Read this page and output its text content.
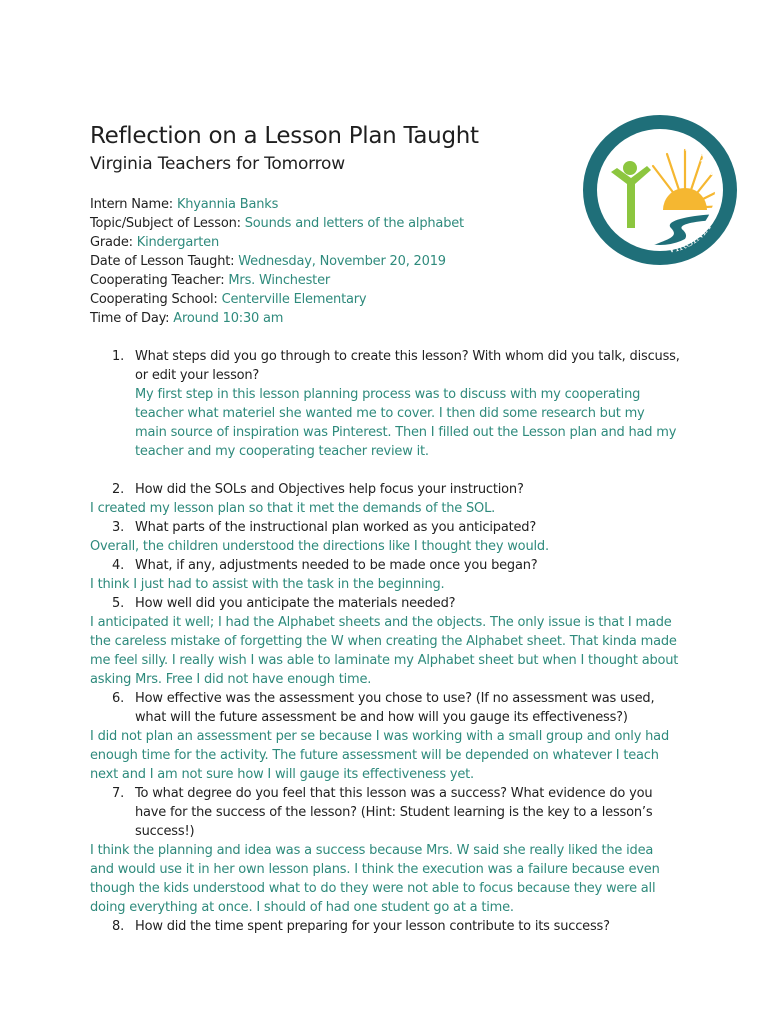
Reflection on a Lesson Plan Taught
Virginia Teachers for Tomorrow	Teachers for Tomorrow
VIRGINIA
Intern Name: Khyannia Banks
Topic/Subject of Lesson: Sounds and letters of the alphabet
Grade: Kindergarten
Date of Lesson Taught: Wednesday, November 20, 2019
Cooperating Teacher: Mrs. Winchester
Cooperating School: Centerville Elementary
Time of Day: Around 10:30 am
1. What steps did you go through to create this lesson? With whom did you talk, discuss, or edit your lesson?
My first step in this lesson planning process was to discuss with my cooperating teacher what materiel she wanted me to cover. I then did some research but my main source of inspiration was Pinterest. Then I filled out the Lesson plan and had my teacher and my cooperating teacher review it.
2. How did the SOLs and Objectives help focus your instruction?
I created my lesson plan so that it met the demands of the SOL.
3. What parts of the instructional plan worked as you anticipated?
Overall, the children understood the directions like I thought they would.
4. What, if any, adjustments needed to be made once you began?
I think I just had to assist with the task in the beginning.
5. How well did you anticipate the materials needed?
I anticipated it well; I had the Alphabet sheets and the objects. The only issue is that I made the careless mistake of forgetting the W when creating the Alphabet sheet. That kinda made me feel silly. I really wish I was able to laminate my Alphabet sheet but when I thought about asking Mrs. Free I did not have enough time.
6. How effective was the assessment you chose to use? (If no assessment was used, what will the future assessment be and how will you gauge its effectiveness?)
I did not plan an assessment per se because I was working with a small group and only had enough time for the activity. The future assessment will be depended on whatever I teach next and I am not sure how I will gauge its effectiveness yet.
7. To what degree do you feel that this lesson was a success? What evidence do you have for the success of the lesson? (Hint: Student learning is the key to a lesson’s success!)
I think the planning and idea was a success because Mrs. W said she really liked the idea and would use it in her own lesson plans. I think the execution was a failure because even though the kids understood what to do they were not able to focus because they were all doing everything at once. I should of had one student go at a time.
8. How did the time spent preparing for your lesson contribute to its success?
